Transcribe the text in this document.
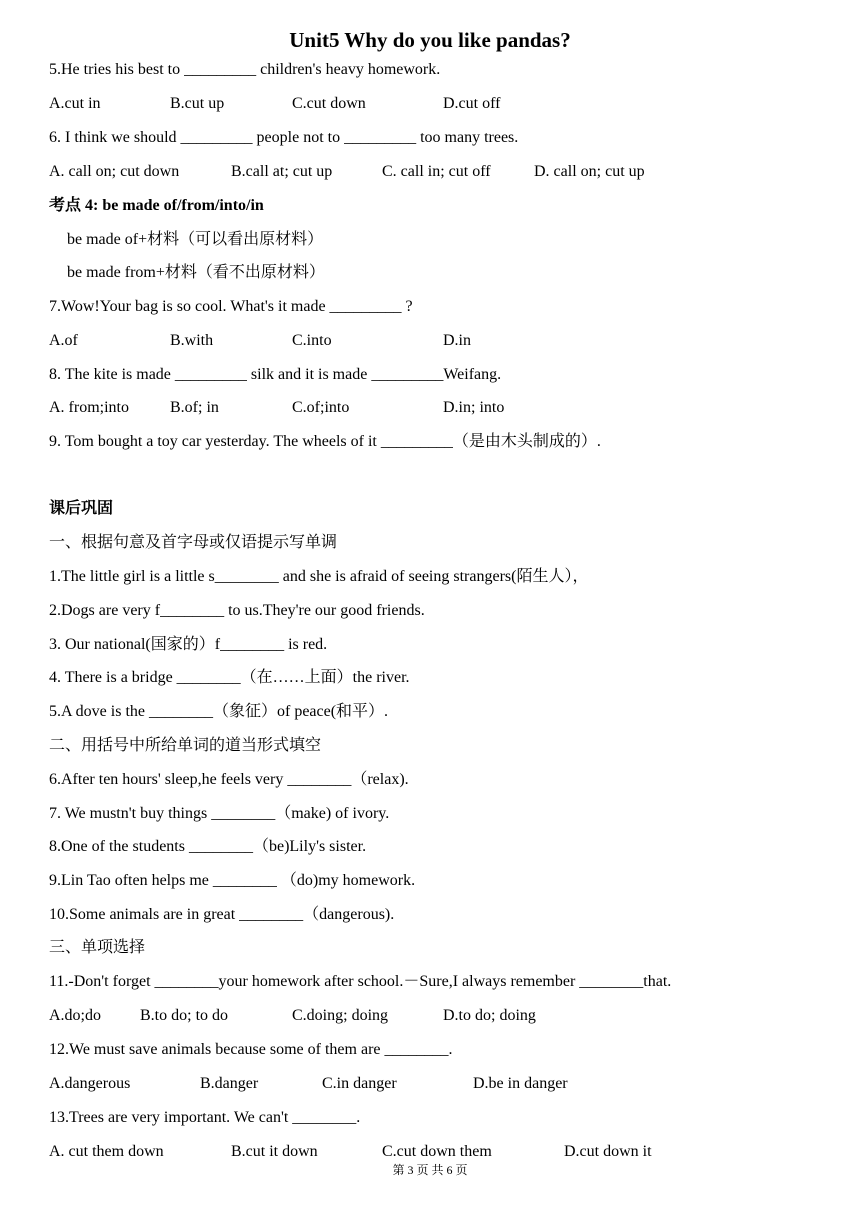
Unit5 Why do you like pandas?
5.He tries his best to _________ children's heavy homework.
A.cut in	B.cut up	C.cut down	D.cut off
6. I think we should _________ people not to _________ too many trees.
A. call on; cut down	B.call at; cut up	C. call in; cut off	D. call on; cut up
考点 4: be made of/from/into/in
be made of+材料（可以看出原材料）
be made from+材料（看不出原材料）
7.Wow!Your bag is so cool. What's it made _________ ?
A.of	B.with	C.into	D.in
8. The kite is made _________ silk and it is made _________Weifang.
A. from;into	B.of; in	C.of;into	D.in; into
9. Tom bought a toy car yesterday. The wheels of it _________（是由木头制成的）.
课后巩固
一、根据句意及首字母或仅语提示写单调
1.The little girl is a little s________ and she is afraid of seeing strangers(陌生人），
2.Dogs are very f________ to us.They're our good friends.
3. Our national(国家的）f________ is red.
4. There is a bridge ________（在……上面）the river.
5.A dove is the ________（象征）of peace(和平）.
二、用括号中所给单词的道当形式填空
6.After ten hours' sleep,he feels very ________（relax).
7. We mustn't buy things ________（make) of ivory.
8.One of the students ________（be)Lily's sister.
9.Lin Tao often helps me ________ （do)my homework.
10.Some animals are in great ________（dangerous).
三、单项选择
11.-Don't forget ________your homework after school.－Sure,I always remember ________that.
A.do;do B.to do; to do	C.doing; doing	D.to do; doing
12.We must save animals because some of them are ________.
A.dangerous	B.danger	C.in danger	D.be in danger
13.Trees are very important. We can't ________.
A. cut them down	B.cut it down	C.cut down them	D.cut down it
第 3 页 共 6 页
